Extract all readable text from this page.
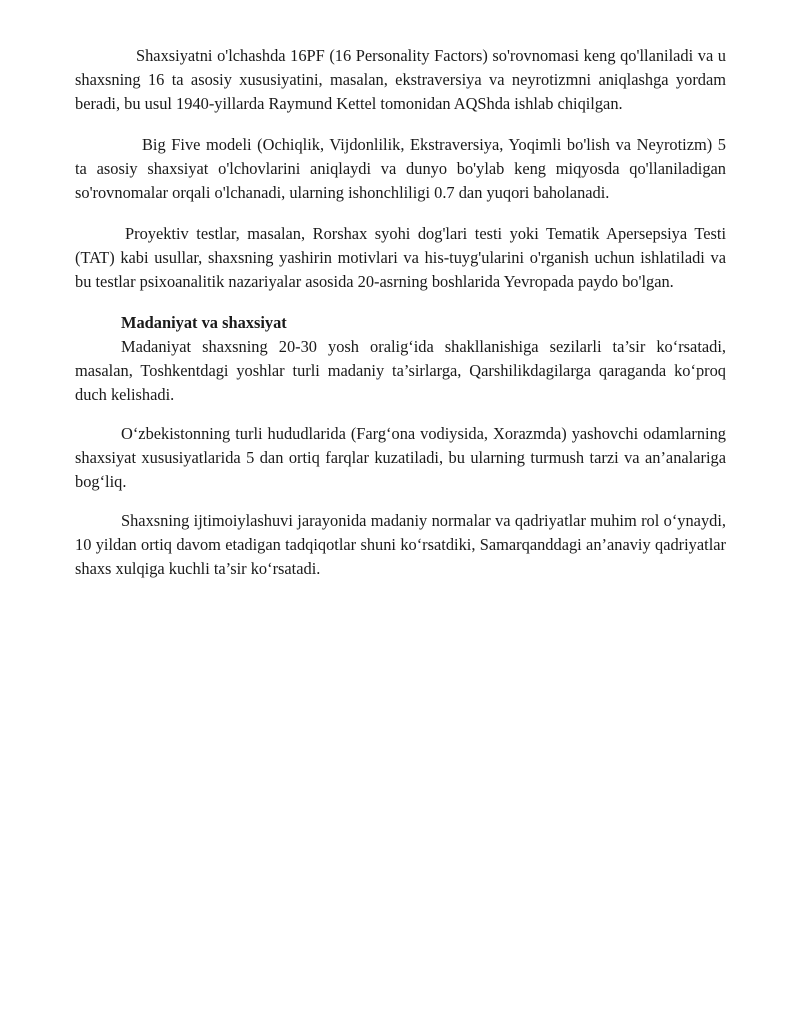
Shaxsiyatni o'lchashda 16PF (16 Personality Factors) so'rovnomasi keng qo'llaniladi va u shaxsning 16 ta asosiy xususiyatini, masalan, ekstraversiya va neyrotizmni aniqlashga yordam beradi, bu usul 1940-yillarda Raymund Kettel tomonidan AQShda ishlab chiqilgan.

Big Five modeli (Ochiqlik, Vijdonlilik, Ekstraversiya, Yoqimli bo'lish va Neyrotizm) 5 ta asosiy shaxsiyat o'lchovlarini aniqlaydi va dunyo bo'ylab keng miqyosda qo'llaniladigan so'rovnomalar orqali o'lchanadi, ularning ishonchliligi 0.7 dan yuqori baholanadi.

Proyektiv testlar, masalan, Rorshax syohi dog'lari testi yoki Tematik Apersepsiya Testi (TAT) kabi usullar, shaxsning yashirin motivlari va his-tuyg'ularini o'rganish uchun ishlatiladi va bu testlar psixoanalitik nazariyalar asosida 20-asrning boshlarida Yevropada paydo bo'lgan.

Madaniyat va shaxsiyat

Madaniyat shaxsning 20-30 yosh oralig‘ida shakllanishiga sezilarli ta’sir ko‘rsatadi, masalan, Toshkentdagi yoshlar turli madaniy ta’sirlarga, Qarshilikdagilarga qaraganda ko‘proq duch kelishadi.

O‘zbekistonning turli hududlarida (Farg‘ona vodiysida, Xorazmda) yashovchi odamlarning shaxsiyat xususiyatlarida 5 dan ortiq farqlar kuzatiladi, bu ularning turmush tarzi va an’analariga bog‘liq.

Shaxsning ijtimoiylashuvi jarayonida madaniy normalar va qadriyatlar muhim rol o‘ynaydi, 10 yildan ortiq davom etadigan tadqiqotlar shuni ko‘rsatdiki, Samarqanddagi an’anaviy qadriyatlar shaxs xulqiga kuchli ta’sir ko‘rsatadi.
